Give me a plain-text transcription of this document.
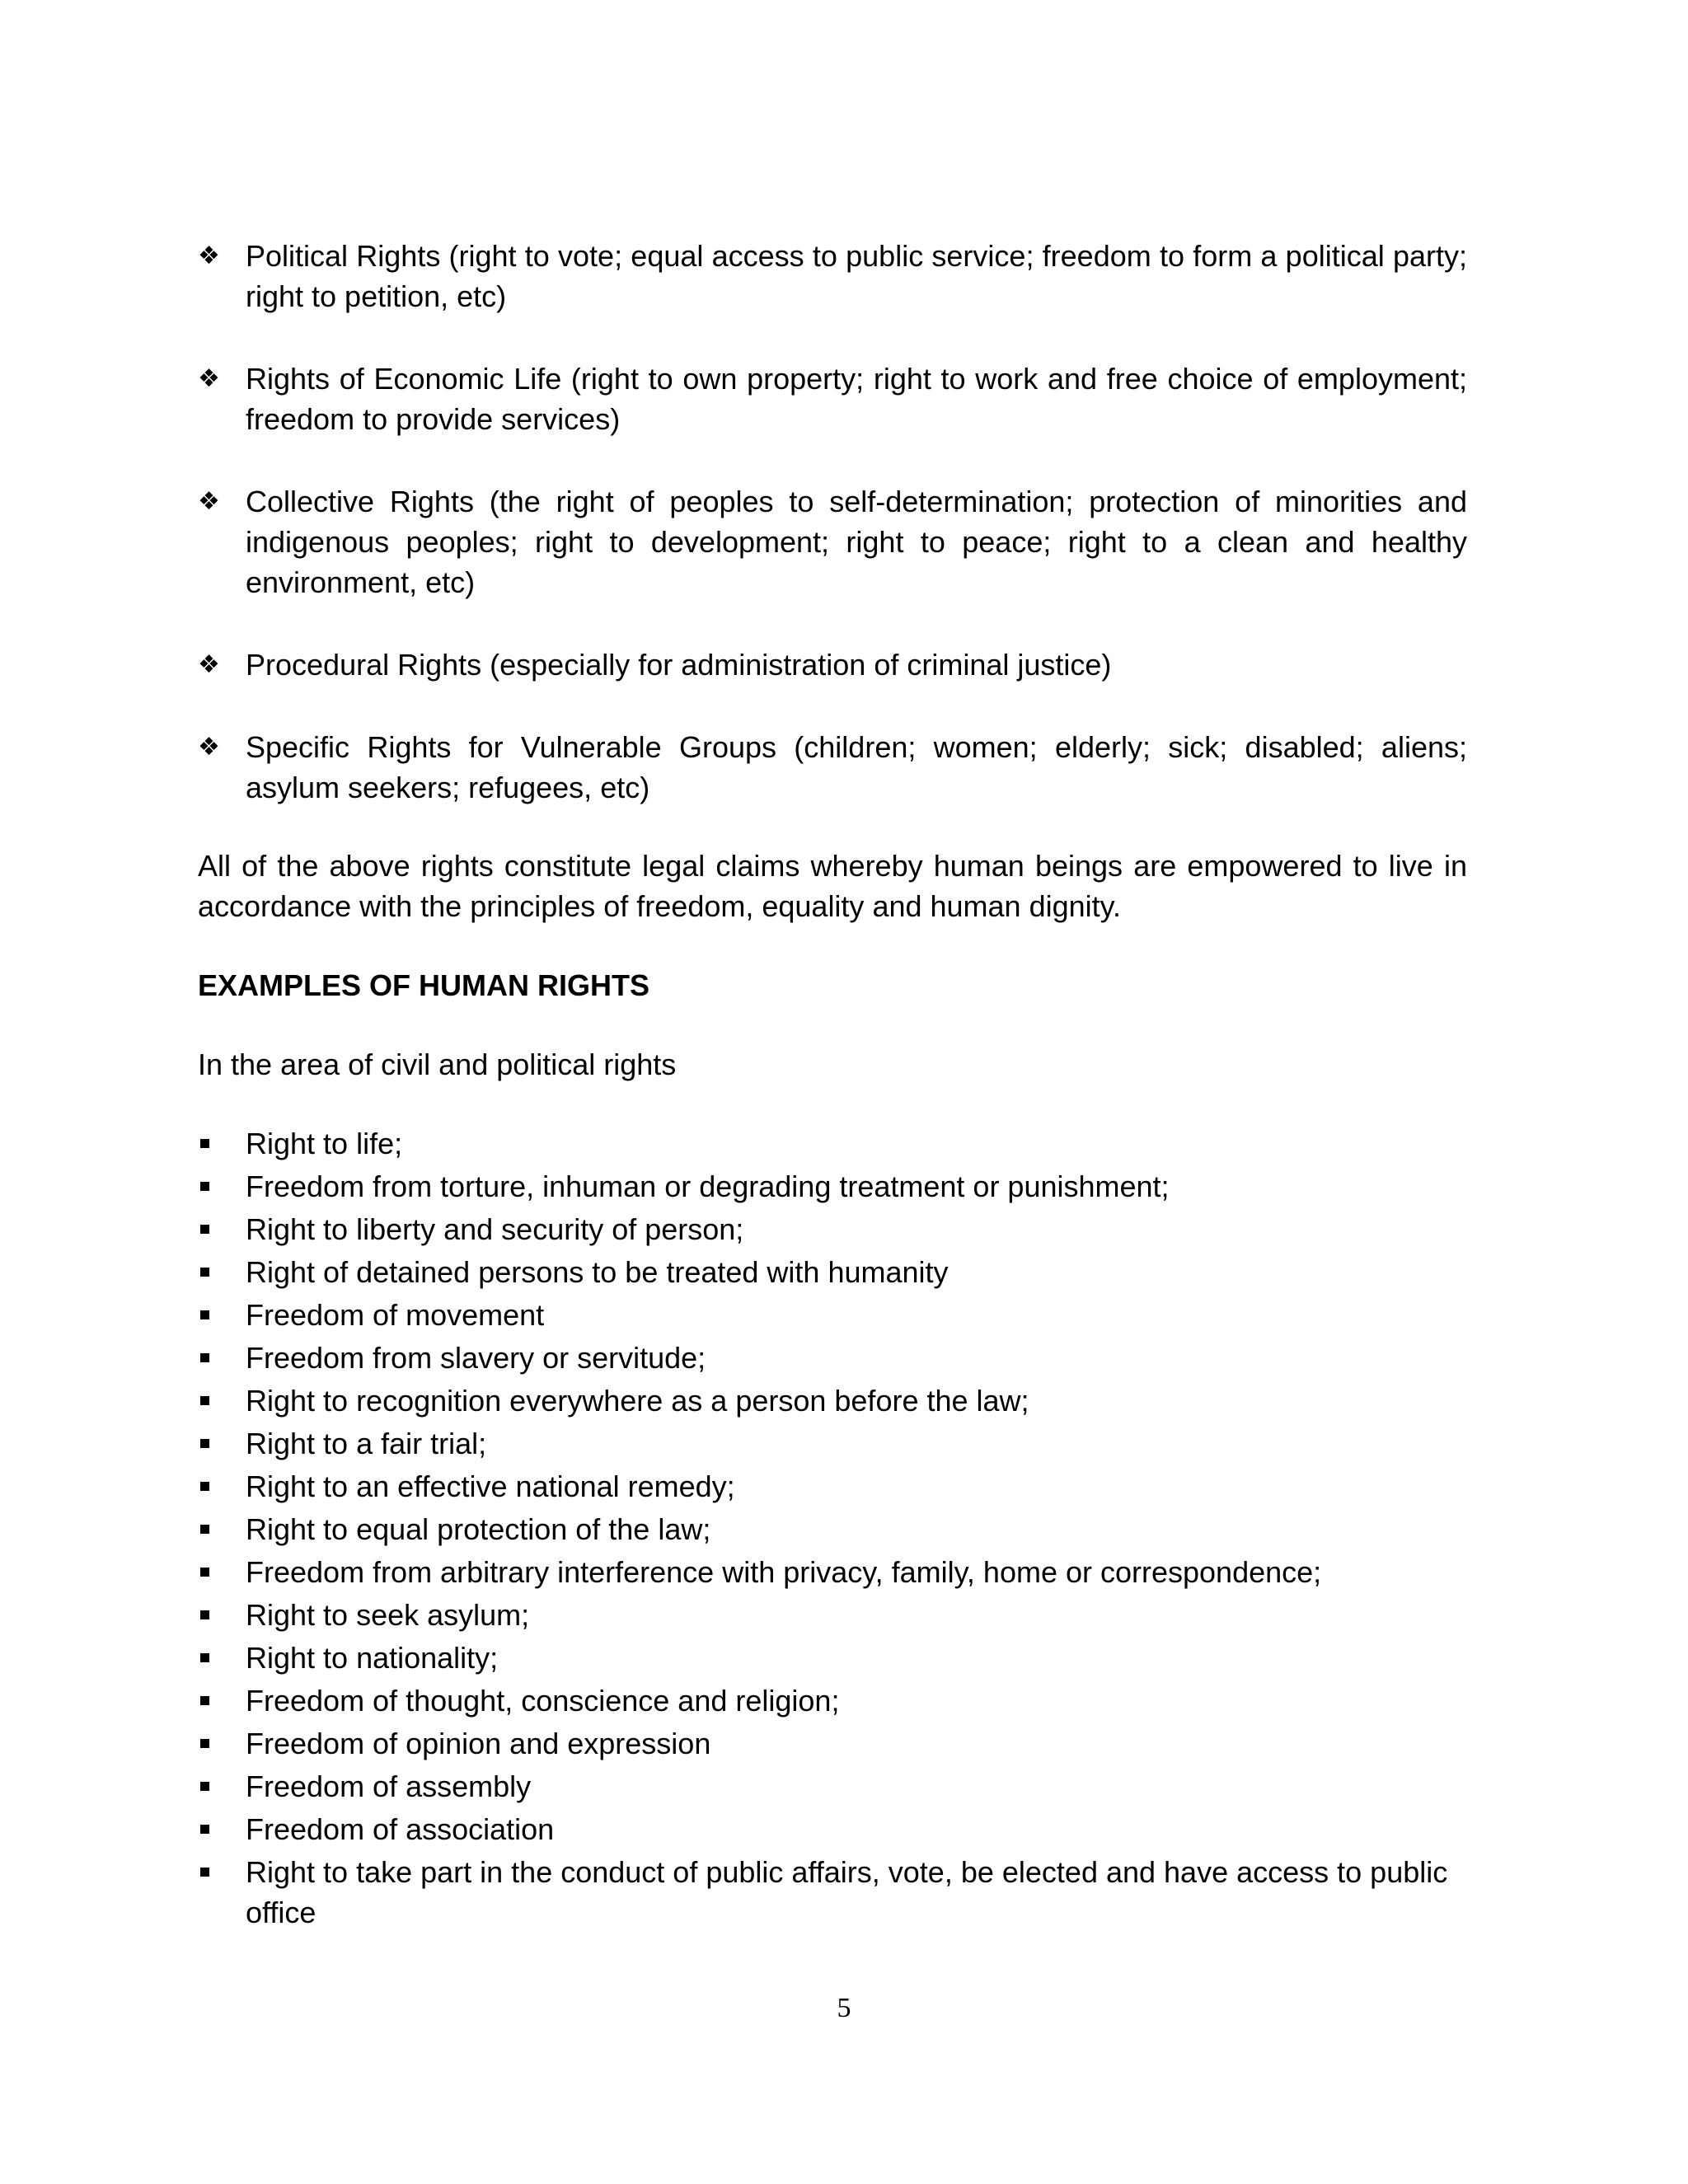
❖ Political Rights (right to vote; equal access to public service; freedom to form a political party; right to petition, etc)
❖ Rights of Economic Life (right to own property; right to work and free choice of employment; freedom to provide services)
❖ Collective Rights (the right of peoples to self-determination; protection of minorities and indigenous peoples; right to development; right to peace; right to a clean and healthy environment, etc)
❖ Procedural Rights (especially for administration of criminal justice)
❖ Specific Rights for Vulnerable Groups (children; women; elderly; sick; disabled; aliens; asylum seekers; refugees, etc)

All of the above rights constitute legal claims whereby human beings are empowered to live in accordance with the principles of freedom, equality and human dignity.

EXAMPLES OF HUMAN RIGHTS

In the area of civil and political rights

Right to life;
Freedom from torture, inhuman or degrading treatment or punishment;
Right to liberty and security of person;
Right of detained persons to be treated with humanity
Freedom of movement
Freedom from slavery or servitude;
Right to recognition everywhere as a person before the law;
Right to a fair trial;
Right to an effective national remedy;
Right to equal protection of the law;
Freedom from arbitrary interference with privacy, family, home or correspondence;
Right to seek asylum;
Right to nationality;
Freedom of thought, conscience and religion;
Freedom of opinion and expression
Freedom of assembly
Freedom of association
Right to take part in the conduct of public affairs, vote, be elected and have access to public office
5
